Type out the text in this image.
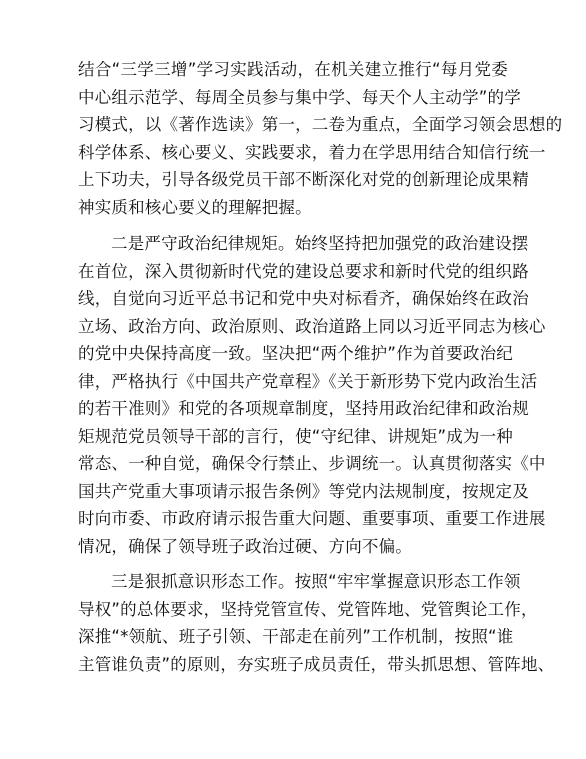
结合“三学三增”学习实践活动，在机关建立推行“每月党委
中心组示范学、每周全员参与集中学、每天个人主动学”的学
习模式，以《著作选读》第一，二卷为重点，全面学习领会思想的
科学体系、核心要义、实践要求，着力在学思用结合知信行统一
上下功夫，引导各级党员干部不断深化对党的创新理论成果精
神实质和核心要义的理解把握。
二是严守政治纪律规矩。始终坚持把加强党的政治建设摆
在首位，深入贯彻新时代党的建设总要求和新时代党的组织路
线，自觉向习近平总书记和党中央对标看齐，确保始终在政治
立场、政治方向、政治原则、政治道路上同以习近平同志为核心
的党中央保持高度一致。坚决把“两个维护”作为首要政治纪
律，严格执行《中国共产党章程》《关于新形势下党内政治生活
的若干准则》和党的各项规章制度，坚持用政治纪律和政治规
矩规范党员领导干部的言行，使“守纪律、讲规矩”成为一种
常态、一种自觉，确保令行禁止、步调统一。认真贯彻落实《中
国共产党重大事项请示报告条例》等党内法规制度，按规定及
时向市委、市政府请示报告重大问题、重要事项、重要工作进展
情况，确保了领导班子政治过硬、方向不偏。
三是狠抓意识形态工作。按照“牢牢掌握意识形态工作领
导权”的总体要求，坚持党管宣传、党管阵地、党管舆论工作，
深推“*领航、班子引领、干部走在前列”工作机制，按照“谁
主管谁负责”的原则，夯实班子成员责任，带头抓思想、管阵地、
